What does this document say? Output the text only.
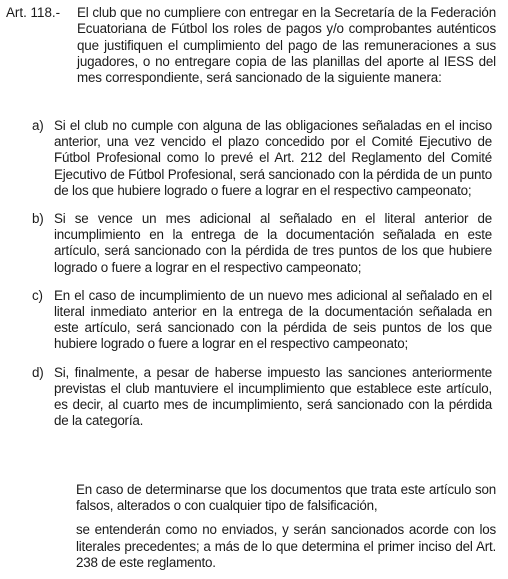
Art. 118.- El club que no cumpliere con entregar en la Secretaría de la Federación Ecuatoriana de Fútbol los roles de pagos y/o comprobantes auténticos que justifiquen el cumplimiento del pago de las remuneraciones a sus jugadores, o no entregare copia de las planillas del aporte al IESS del mes correspondiente, será sancionado de la siguiente manera:
a) Si el club no cumple con alguna de las obligaciones señaladas en el inciso anterior, una vez vencido el plazo concedido por el Comité Ejecutivo de Fútbol Profesional como lo prevé el Art. 212 del Reglamento del Comité Ejecutivo de Fútbol Profesional, será sancionado con la pérdida de un punto de los que hubiere logrado o fuere a lograr en el respectivo campeonato;
b) Si se vence un mes adicional al señalado en el literal anterior de incumplimiento en la entrega de la documentación señalada en este artículo, será sancionado con la pérdida de tres puntos de los que hubiere logrado o fuere a lograr en el respectivo campeonato;
c) En el caso de incumplimiento de un nuevo mes adicional al señalado en el literal inmediato anterior en la entrega de la documentación señalada en este artículo, será sancionado con la pérdida de seis puntos de los que hubiere logrado o fuere a lograr en el respectivo campeonato;
d) Si, finalmente, a pesar de haberse impuesto las sanciones anteriormente previstas el club mantuviere el incumplimiento que establece este artículo, es decir, al cuarto mes de incumplimiento, será sancionado con la pérdida de la categoría.

En caso de determinarse que los documentos que trata este artículo son falsos, alterados o con cualquier tipo de falsificación,

se entenderán como no enviados, y serán sancionados acorde con los literales precedentes; a más de lo que determina el primer inciso del Art. 238 de este reglamento.
